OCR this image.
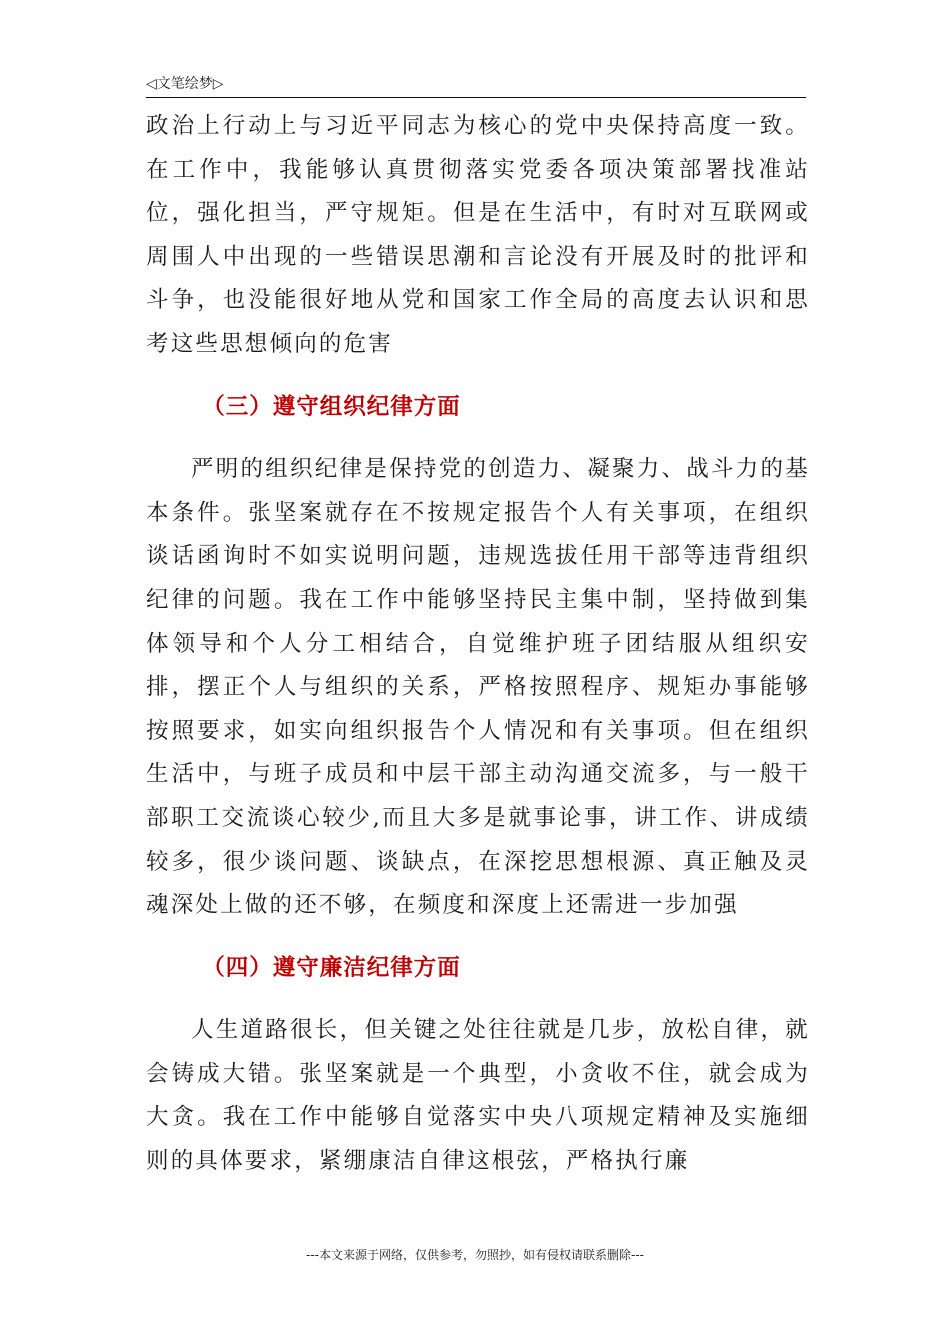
◁文笔绘梦▷

政治上行动上与习近平同志为核心的党中央保持高度一致。在工作中，我能够认真贯彻落实党委各项决策部署找准站位，强化担当，严守规矩。但是在生活中，有时对互联网或周围人中出现的一些错误思潮和言论没有开展及时的批评和斗争，也没能很好地从党和国家工作全局的高度去认识和思考这些思想倾向的危害

（三）遵守组织纪律方面

严明的组织纪律是保持党的创造力、凝聚力、战斗力的基本条件。张坚案就存在不按规定报告个人有关事项，在组织谈话函询时不如实说明问题，违规选拔任用干部等违背组织纪律的问题。我在工作中能够坚持民主集中制，坚持做到集体领导和个人分工相结合，自觉维护班子团结服从组织安排，摆正个人与组织的关系，严格按照程序、规矩办事能够按照要求，如实向组织报告个人情况和有关事项。但在组织生活中，与班子成员和中层干部主动沟通交流多，与一般干部职工交流谈心较少,而且大多是就事论事，讲工作、讲成绩较多，很少谈问题、谈缺点，在深挖思想根源、真正触及灵魂深处上做的还不够，在频度和深度上还需进一步加强

（四）遵守廉洁纪律方面

人生道路很长，但关键之处往往就是几步，放松自律，就会铸成大错。张坚案就是一个典型，小贪收不住，就会成为大贪。我在工作中能够自觉落实中央八项规定精神及实施细则的具体要求，紧绷康洁自律这根弦，严格执行廉

---本文来源于网络，仅供参考，勿照抄，如有侵权请联系删除---
